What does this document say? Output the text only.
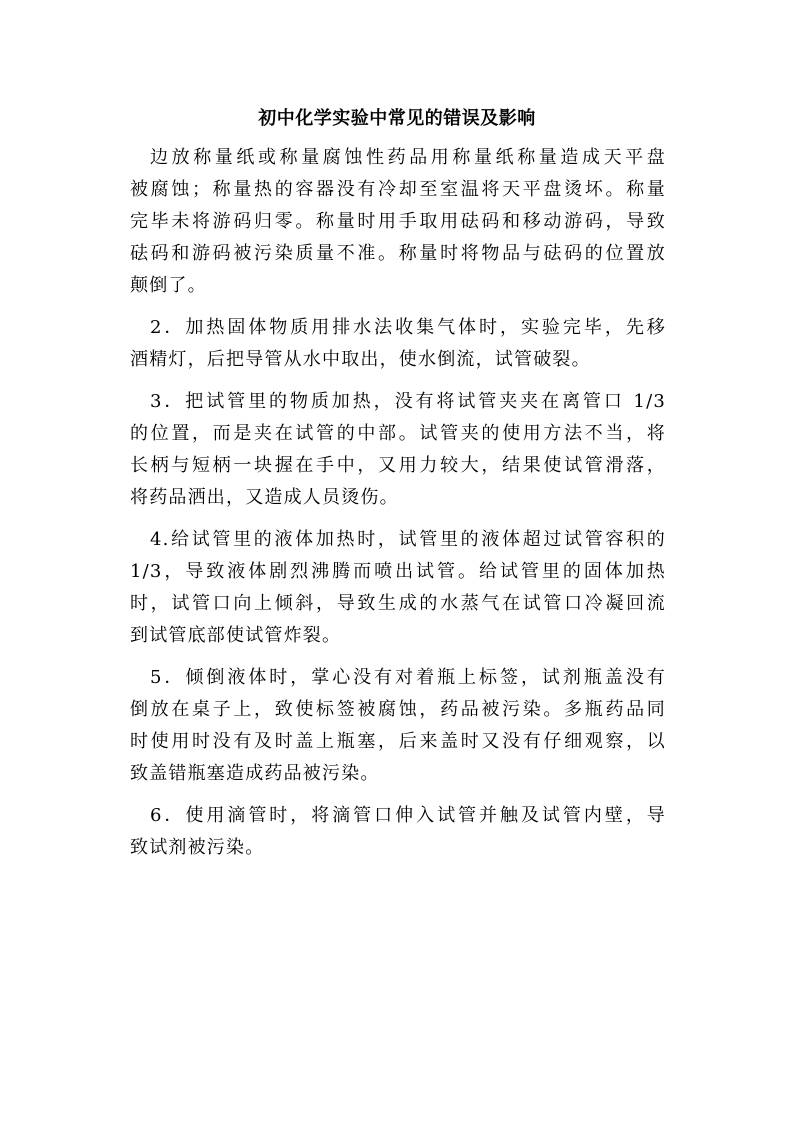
初中化学实验中常见的错误及影响
边放称量纸或称量腐蚀性药品用称量纸称量造成天平盘
被腐蚀；称量热的容器没有冷却至室温将天平盘烫坏。称量
完毕未将游码归零。称量时用手取用砝码和移动游码，导致
砝码和游码被污染质量不准。称量时将物品与砝码的位置放
颠倒了。
2．加热固体物质用排水法收集气体时，实验完毕，先移
酒精灯，后把导管从水中取出，使水倒流，试管破裂。
3．把试管里的物质加热，没有将试管夹夹在离管口 1/3
的位置，而是夹在试管的中部。试管夹的使用方法不当，将
长柄与短柄一块握在手中，又用力较大，结果使试管滑落，
将药品洒出，又造成人员烫伤。
4.给试管里的液体加热时，试管里的液体超过试管容积的
1/3，导致液体剧烈沸腾而喷出试管。给试管里的固体加热
时，试管口向上倾斜，导致生成的水蒸气在试管口冷凝回流
到试管底部使试管炸裂。
5．倾倒液体时，掌心没有对着瓶上标签，试剂瓶盖没有
倒放在桌子上，致使标签被腐蚀，药品被污染。多瓶药品同
时使用时没有及时盖上瓶塞，后来盖时又没有仔细观察，以
致盖错瓶塞造成药品被污染。
6．使用滴管时，将滴管口伸入试管并触及试管内壁，导
致试剂被污染。
